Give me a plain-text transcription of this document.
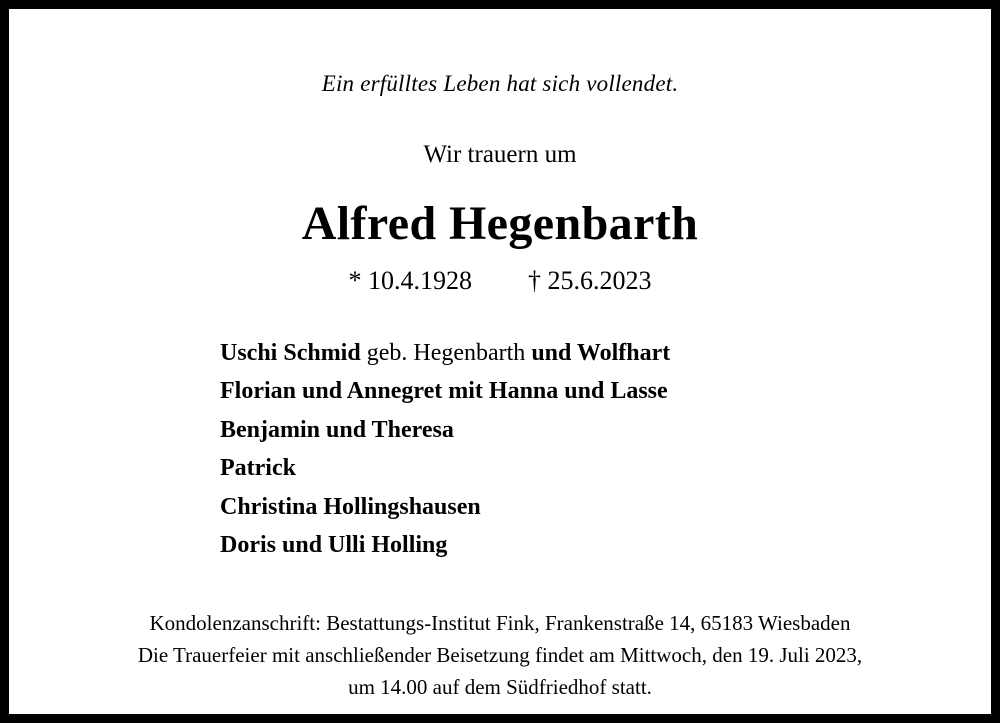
Ein erfülltes Leben hat sich vollendet.
Wir trauern um
Alfred Hegenbarth
* 10.4.1928 † 25.6.2023
Uschi Schmid geb. Hegenbarth und Wolfhart
Florian und Annegret mit Hanna und Lasse
Benjamin und Theresa
Patrick
Christina Hollingshausen
Doris und Ulli Holling
Kondolenzanschrift: Bestattungs-Institut Fink, Frankenstraße 14, 65183 Wiesbaden
Die Trauerfeier mit anschließender Beisetzung findet am Mittwoch, den 19. Juli 2023,
um 14.00 auf dem Südfriedhof statt.
